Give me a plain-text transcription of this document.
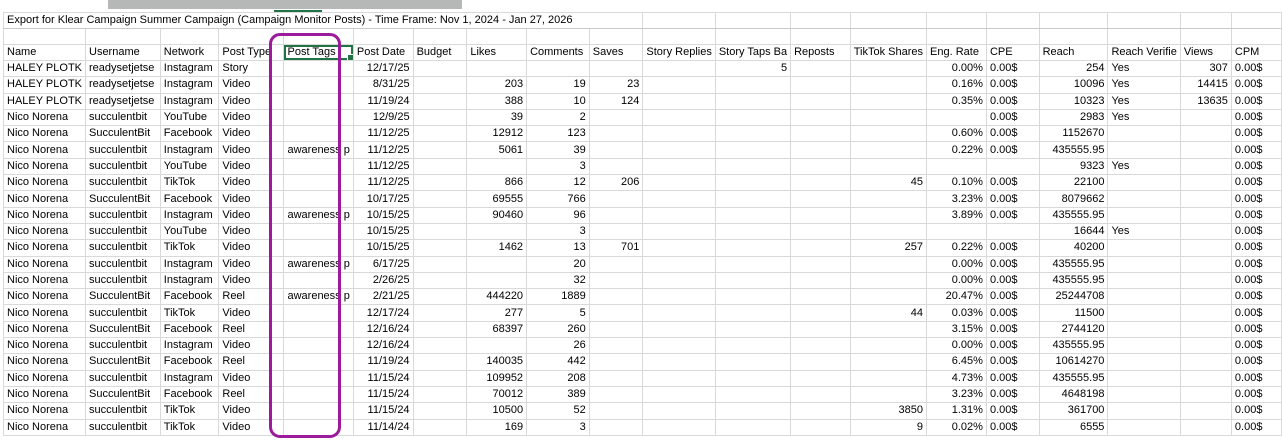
Export for Klear Campaign Summer Campaign (Campaign Monitor Posts) - Time Frame: Nov 1, 2024 - Jan 27, 2026																			

Name	Username	Network	Post Type	Post Tags	Post Date	Budget	Likes	Comments	Saves	Story Replies	Story Taps Ba	Reposts	TikTok Shares	Eng. Rate	CPE	Reach	Reach Verifie	Views	CPM
HALEY PLOTK	readysetjetse	Instagram	Story		12/17/25						5			0.00%	0.00$	254	Yes	307	0.00$
HALEY PLOTK	readysetjetse	Instagram	Video		8/31/25		203	19	23					0.16%	0.00$	10096	Yes	14415	0.00$
HALEY PLOTK	readysetjetse	Instagram	Video		11/19/24		388	10	124					0.35%	0.00$	10323	Yes	13635	0.00$
Nico Norena	succulentbit	YouTube	Video		12/9/25		39	2							0.00$	2983	Yes		0.00$
Nico Norena	SucculentBit	Facebook	Video		11/12/25		12912	123						0.60%	0.00$	1152670			0.00$
Nico Norena	succulentbit	Instagram	Video	awareness p	11/12/25		5061	39						0.22%	0.00$	435555.95			0.00$
Nico Norena	succulentbit	YouTube	Video		11/12/25			3								9323	Yes		0.00$
Nico Norena	succulentbit	TikTok	Video		11/12/25		866	12	206				45	0.10%	0.00$	22100			0.00$
Nico Norena	SucculentBit	Facebook	Video		10/17/25		69555	766						3.23%	0.00$	8079662			0.00$
Nico Norena	succulentbit	Instagram	Video	awareness p	10/15/25		90460	96						3.89%	0.00$	435555.95			0.00$
Nico Norena	succulentbit	YouTube	Video		10/15/25			3								16644	Yes		0.00$
Nico Norena	succulentbit	TikTok	Video		10/15/25		1462	13	701				257	0.22%	0.00$	40200			0.00$
Nico Norena	succulentbit	Instagram	Video	awareness p	6/17/25			20						0.00%	0.00$	435555.95			0.00$
Nico Norena	succulentbit	Instagram	Video		2/26/25			32						0.00%	0.00$	435555.95			0.00$
Nico Norena	SucculentBit	Facebook	Reel	awareness p	2/21/25		444220	1889						20.47%	0.00$	25244708			0.00$
Nico Norena	succulentbit	TikTok	Video		12/17/24		277	5					44	0.03%	0.00$	11500			0.00$
Nico Norena	SucculentBit	Facebook	Reel		12/16/24		68397	260						3.15%	0.00$	2744120			0.00$
Nico Norena	succulentbit	Instagram	Video		12/16/24			26						0.00%	0.00$	435555.95			0.00$
Nico Norena	SucculentBit	Facebook	Reel		11/19/24		140035	442						6.45%	0.00$	10614270			0.00$
Nico Norena	succulentbit	Instagram	Video		11/15/24		109952	208						4.73%	0.00$	435555.95			0.00$
Nico Norena	SucculentBit	Facebook	Reel		11/15/24		70012	389						3.23%	0.00$	4648198			0.00$
Nico Norena	succulentbit	TikTok	Video		11/15/24		10500	52					3850	1.31%	0.00$	361700			0.00$
Nico Norena	succulentbit	TikTok	Video		11/14/24		169	3					9	0.02%	0.00$	6555			0.00$
